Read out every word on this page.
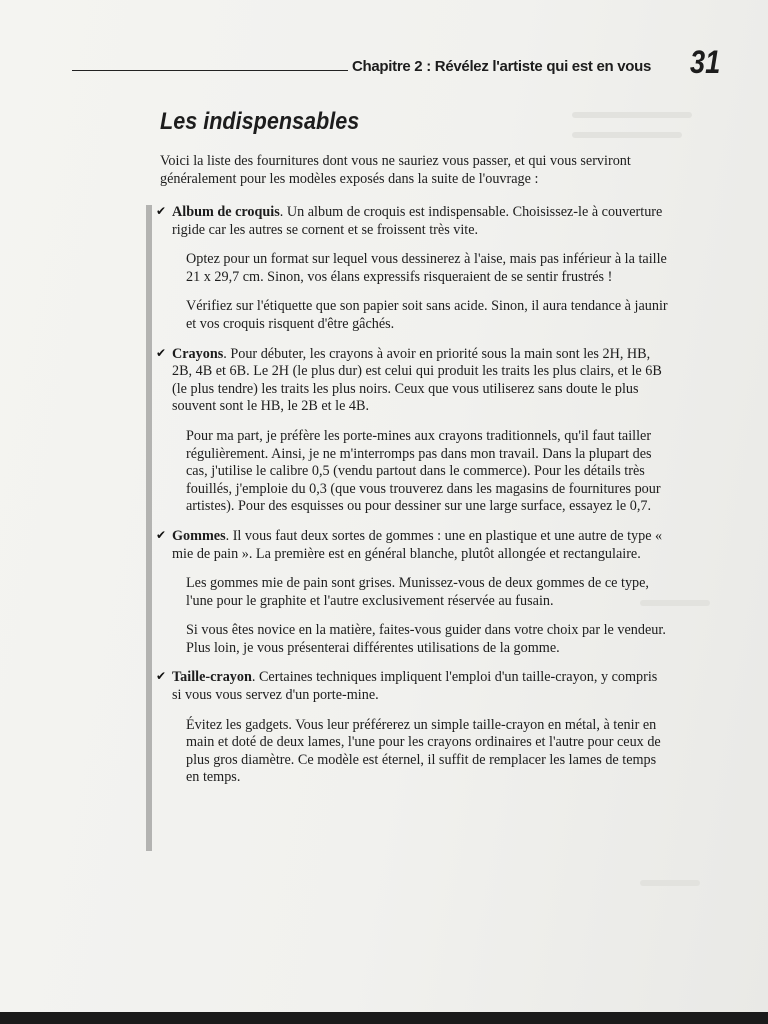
Chapitre 2 : Révélez l'artiste qui est en vous 31
Les indispensables
Voici la liste des fournitures dont vous ne sauriez vous passer, et qui vous serviront généralement pour les modèles exposés dans la suite de l'ouvrage :
✔ Album de croquis. Un album de croquis est indispensable. Choisissez-le à couverture rigide car les autres se cornent et se froissent très vite.

Optez pour un format sur lequel vous dessinerez à l'aise, mais pas inférieur à la taille 21 x 29,7 cm. Sinon, vos élans expressifs risqueraient de se sentir frustrés !

Vérifiez sur l'étiquette que son papier soit sans acide. Sinon, il aura tendance à jaunir et vos croquis risquent d'être gâchés.

✔ Crayons. Pour débuter, les crayons à avoir en priorité sous la main sont les 2H, HB, 2B, 4B et 6B. Le 2H (le plus dur) est celui qui produit les traits les plus clairs, et le 6B (le plus tendre) les traits les plus noirs. Ceux que vous utiliserez sans doute le plus souvent sont le HB, le 2B et le 4B.

Pour ma part, je préfère les porte-mines aux crayons traditionnels, qu'il faut tailler régulièrement. Ainsi, je ne m'interromps pas dans mon travail. Dans la plupart des cas, j'utilise le calibre 0,5 (vendu partout dans le commerce). Pour les détails très fouillés, j'emploie du 0,3 (que vous trouverez dans les magasins de fournitures pour artistes). Pour des esquisses ou pour dessiner sur une large surface, essayez le 0,7.

✔ Gommes. Il vous faut deux sortes de gommes : une en plastique et une autre de type « mie de pain ». La première est en général blanche, plutôt allongée et rectangulaire.

Les gommes mie de pain sont grises. Munissez-vous de deux gommes de ce type, l'une pour le graphite et l'autre exclusivement réservée au fusain.

Si vous êtes novice en la matière, faites-vous guider dans votre choix par le vendeur. Plus loin, je vous présenterai différentes utilisations de la gomme.

✔ Taille-crayon. Certaines techniques impliquent l'emploi d'un taille-crayon, y compris si vous vous servez d'un porte-mine.

Évitez les gadgets. Vous leur préférerez un simple taille-crayon en métal, à tenir en main et doté de deux lames, l'une pour les crayons ordinaires et l'autre pour ceux de plus gros diamètre. Ce modèle est éternel, il suffit de remplacer les lames de temps en temps.
